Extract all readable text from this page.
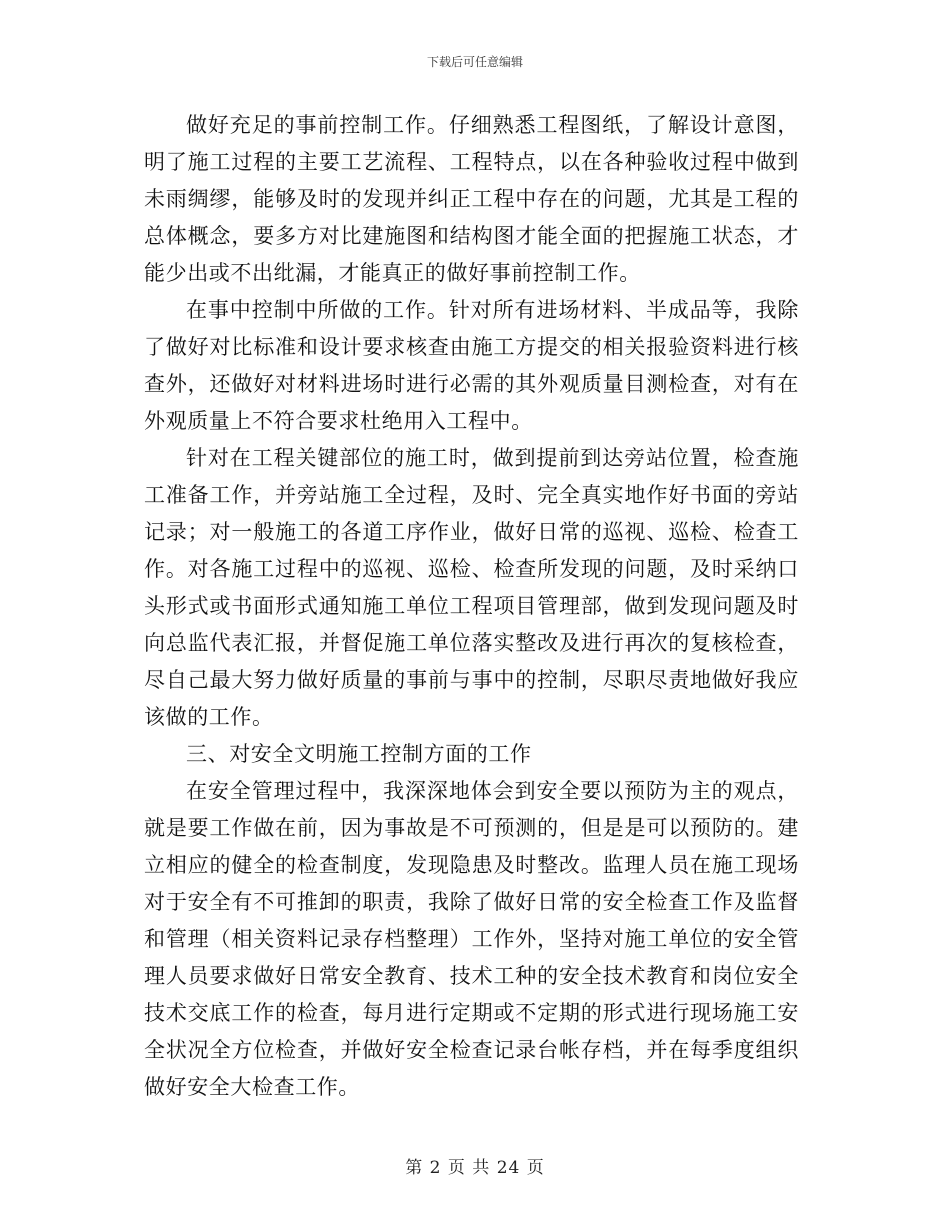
下载后可任意编辑

做好充足的事前控制工作。仔细熟悉工程图纸，了解设计意图，明了施工过程的主要工艺流程、工程特点，以在各种验收过程中做到未雨绸缪，能够及时的发现并纠正工程中存在的问题，尤其是工程的总体概念，要多方对比建施图和结构图才能全面的把握施工状态，才能少出或不出纰漏，才能真正的做好事前控制工作。

在事中控制中所做的工作。针对所有进场材料、半成品等，我除了做好对比标准和设计要求核查由施工方提交的相关报验资料进行核查外，还做好对材料进场时进行必需的其外观质量目测检查，对有在外观质量上不符合要求杜绝用入工程中。

针对在工程关键部位的施工时，做到提前到达旁站位置，检查施工准备工作，并旁站施工全过程，及时、完全真实地作好书面的旁站记录；对一般施工的各道工序作业，做好日常的巡视、巡检、检查工作。对各施工过程中的巡视、巡检、检查所发现的问题，及时采纳口头形式或书面形式通知施工单位工程项目管理部，做到发现问题及时向总监代表汇报，并督促施工单位落实整改及进行再次的复核检查，尽自己最大努力做好质量的事前与事中的控制，尽职尽责地做好我应该做的工作。

三、对安全文明施工控制方面的工作

在安全管理过程中，我深深地体会到安全要以预防为主的观点，就是要工作做在前，因为事故是不可预测的，但是是可以预防的。建立相应的健全的检查制度，发现隐患及时整改。监理人员在施工现场对于安全有不可推卸的职责，我除了做好日常的安全检查工作及监督和管理（相关资料记录存档整理）工作外，坚持对施工单位的安全管理人员要求做好日常安全教育、技术工种的安全技术教育和岗位安全技术交底工作的检查，每月进行定期或不定期的形式进行现场施工安全状况全方位检查，并做好安全检查记录台帐存档，并在每季度组织做好安全大检查工作。

第 2 页 共 24 页
